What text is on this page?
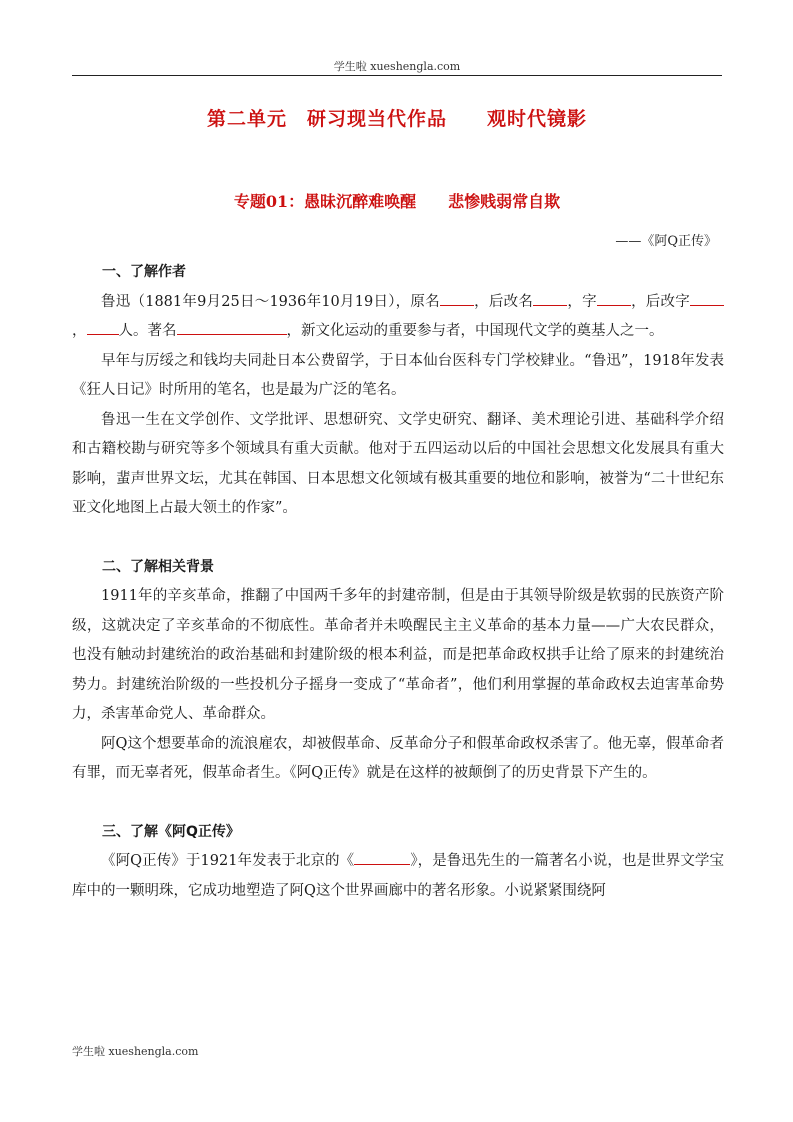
学生啦 xueshengla.com
第二单元　研习现当代作品　　观时代镜影
专题01：愚昧沉醉难唤醒　　悲惨贱弱常自欺
——《阿Q正传》

一、了解作者

鲁迅（1881年9月25日～1936年10月19日），原名 ，后改名 ，字 ，后改字， 人。著名	，新文化运动的重要参与者，中国现代文学的奠基人之一。

早年与厉绥之和钱均夫同赴日本公费留学，于日本仙台医科专门学校肄业。“鲁迅”，1918年发表《狂人日记》时所用的笔名，也是最为广泛的笔名。

鲁迅一生在文学创作、文学批评、思想研究、文学史研究、翻译、美术理论引进、基础科学介绍和古籍校勘与研究等多个领域具有重大贡献。他对于五四运动以后的中国社会思想文化发展具有重大影响，蜚声世界文坛，尤其在韩国、日本思想文化领域有极其重要的地位和影响，被誉为“二十世纪东亚文化地图上占最大领土的作家”。

二、了解相关背景

1911年的辛亥革命，推翻了中国两千多年的封建帝制，但是由于其领导阶级是软弱的民族资产阶级，这就决定了辛亥革命的不彻底性。革命者并未唤醒民主主义革命的基本力量——广大农民群众，也没有触动封建统治的政治基础和封建阶级的根本利益，而是把革命政权拱手让给了原来的封建统治势力。封建统治阶级的一些投机分子摇身一变成了“革命者”，他们利用掌握的革命政权去迫害革命势力，杀害革命党人、革命群众。

阿Q这个想要革命的流浪雇农，却被假革命、反革命分子和假革命政权杀害了。他无辜，假革命者有罪，而无辜者死，假革命者生。《阿Q正传》就是在这样的被颠倒了的历史背景下产生的。

三、了解《阿Q正传》

《阿Q正传》于1921年发表于北京的《	》，是鲁迅先生的一篇著名小说，也是世界文学宝库中的一颗明珠，它成功地塑造了阿Q这个世界画廊中的著名形象。小说紧紧围绕阿

学生啦 xueshengla.com
